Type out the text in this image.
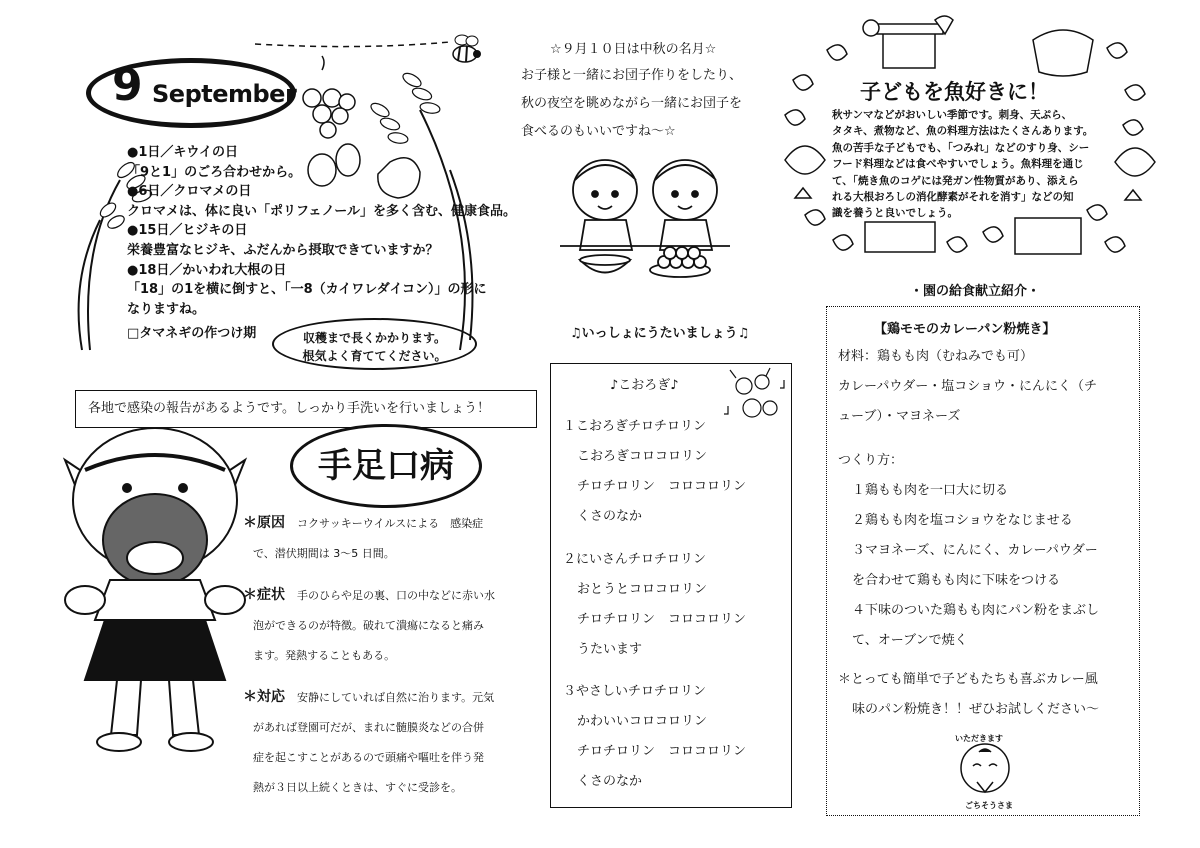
9 September

●1日／キウイの日

「9と1」のごろ合わせから。

●6日／クロマメの日

クロマメは、体に良い「ポリフェノール」を多く含む、健康食品。

●15日／ヒジキの日

栄養豊富なヒジキ、ふだんから摂取できていますか？

●18日／かいわれ大根の日

「18」の1を横に倒すと、「一8（カイワレダイコン）」の形に

なりますね。

□タマネギの作つけ期	収穫まで長くかかります。
根気よく育ててください。
各地で感染の報告があるようです。しっかり手洗いを行いましょう！
手足口病
＊原因 コクサッキーウイルスによる　感染症
で、潜伏期間は 3～5 日間。
＊症状 手のひらや足の裏、口の中などに赤い水
泡ができるのが特徴。破れて潰瘍になると痛み
ます。発熱することもある。
＊対応 安静にしていれば自然に治ります。元気
があれば登園可だが、まれに髄膜炎などの合併
症を起こすことがあるので頭痛や嘔吐を伴う発
熱が３日以上続くときは、すぐに受診を。
☆９月１０日は中秋の名月☆
お子様と一緒にお団子作りをしたり、
秋の夜空を眺めながら一緒にお団子を
食べるのもいいですね～☆
♫いっしょにうたいましょう♫
♪こおろぎ♪
１こおろぎチロチロリン
こおろぎコロコロリン
チロチロリン　コロコロリン
くさのなか
２にいさんチロチロリン
おとうとコロコロリン
チロチロリン　コロコロリン
うたいます
３やさしいチロチロリン
かわいいコロコロリン
チロチロリン　コロコロリン
くさのなか
子どもを魚好きに！
秋サンマなどがおいしい季節です。刺身、天ぷら、
タタキ、煮物など、魚の料理方法はたくさんあります。
魚の苦手な子どもでも、「つみれ」などのすり身、シー
フード料理などは食べやすいでしょう。魚料理を通じ
て、「焼き魚のコゲには発ガン性物質があり、添えら
れる大根おろしの消化酵素がそれを消す」などの知
識を養うと良いでしょう。
・園の給食献立紹介・
【鶏モモのカレーパン粉焼き】
材料：鶏もも肉（むねみでも可）
カレーパウダー・塩コショウ・にんにく（チ
ューブ）・マヨネーズ
つくり方：
１鶏もも肉を一口大に切る
２鶏もも肉を塩コショウをなじませる
３マヨネーズ、にんにく、カレーパウダー
を合わせて鶏もも肉に下味をつける
４下味のついた鶏もも肉にパン粉をまぶし
て、オーブンで焼く
＊とっても簡単で子どもたちも喜ぶカレー風
味のパン粉焼き！！ぜひお試しください～
いただきます
ごちそうさま
